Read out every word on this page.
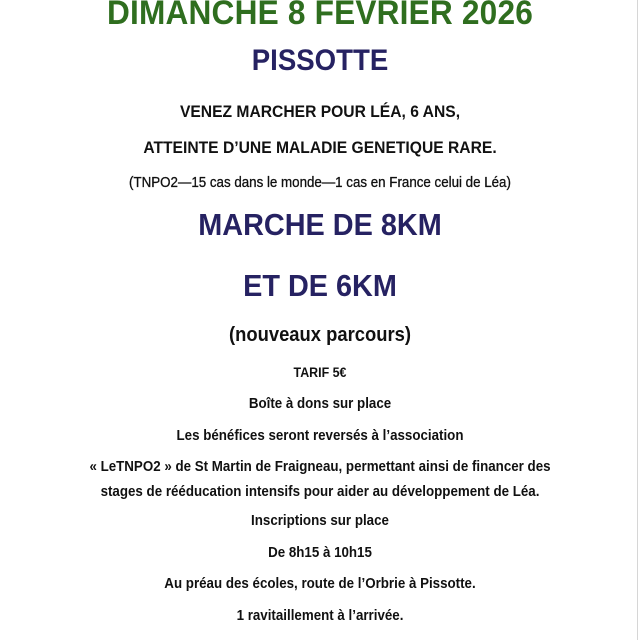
DIMANCHE 8 FEVRIER 2026
PISSOTTE
VENEZ MARCHER POUR LÉA, 6 ANS,
ATTEINTE D’UNE MALADIE GENETIQUE RARE.
(TNPO2—15 cas dans le monde—1 cas en France celui de Léa)
MARCHE DE 8KM
ET DE 6KM
(nouveaux parcours)
TARIF 5€
Boîte à dons sur place
Les bénéfices seront reversés à l’association
« LeTNPO2 » de St Martin de Fraigneau, permettant ainsi de financer des
stages de rééducation intensifs pour aider au développement de Léa.
Inscriptions sur place
De 8h15 à 10h15
Au préau des écoles, route de l’Orbrie à Pissotte.
1 ravitaillement à l’arrivée.
